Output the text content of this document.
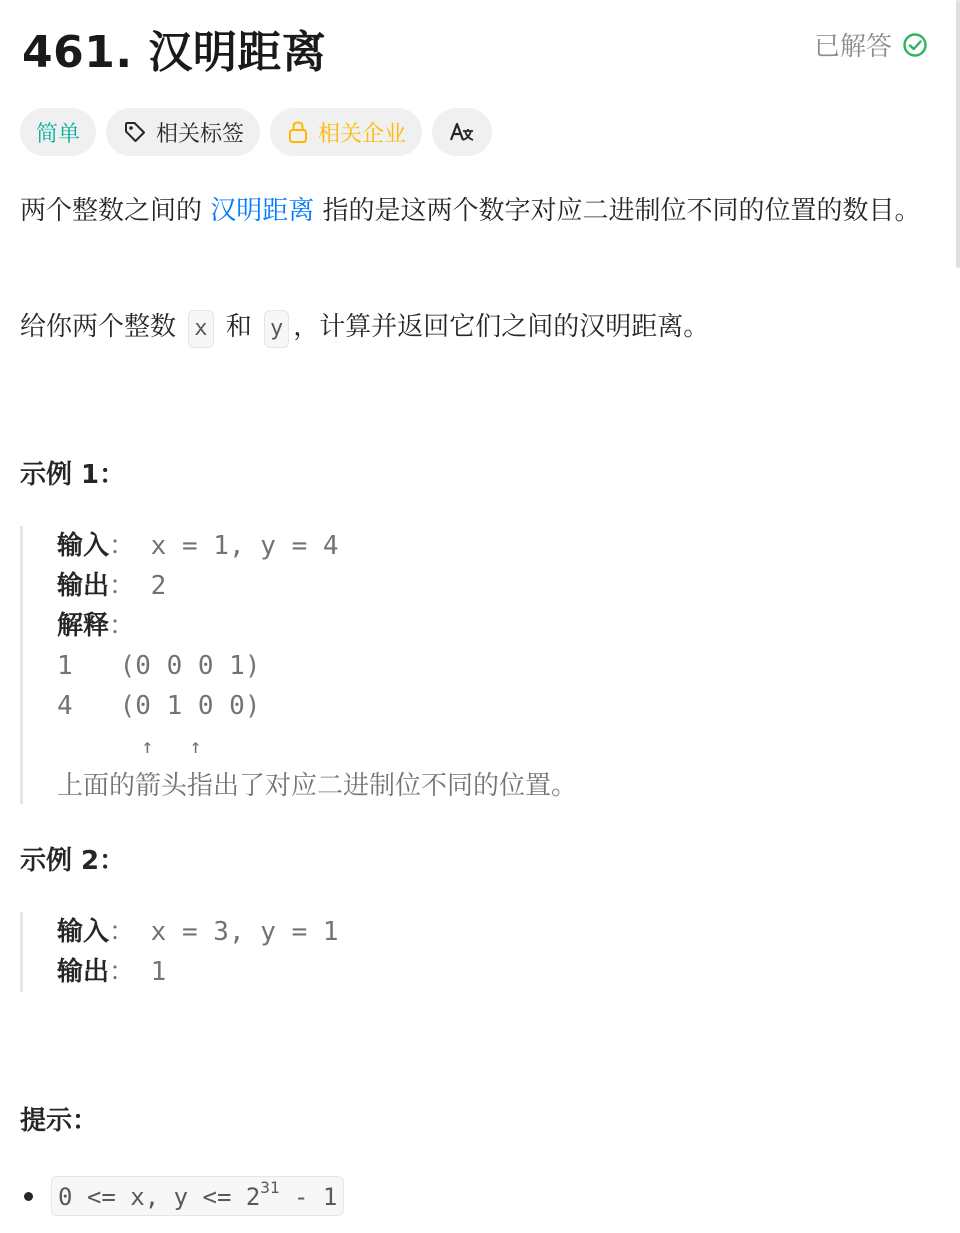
461. 汉明距离	已解答
简单	相关标签	相关企业
两个整数之间的 汉明距离 指的是这两个数字对应二进制位不同的位置的数目。
给你两个整数 x 和 y ，计算并返回它们之间的汉明距离。
示例 1：
输入： x = 1, y = 4
输出： 2
解释：
1   (0 0 0 1)
4   (0 1 0 0)
↑   ↑
上面的箭头指出了对应二进制位不同的位置。
示例 2：
输入： x = 3, y = 1
输出： 1
提示：
0 <= x, $y <= 2^{31} - 1$
